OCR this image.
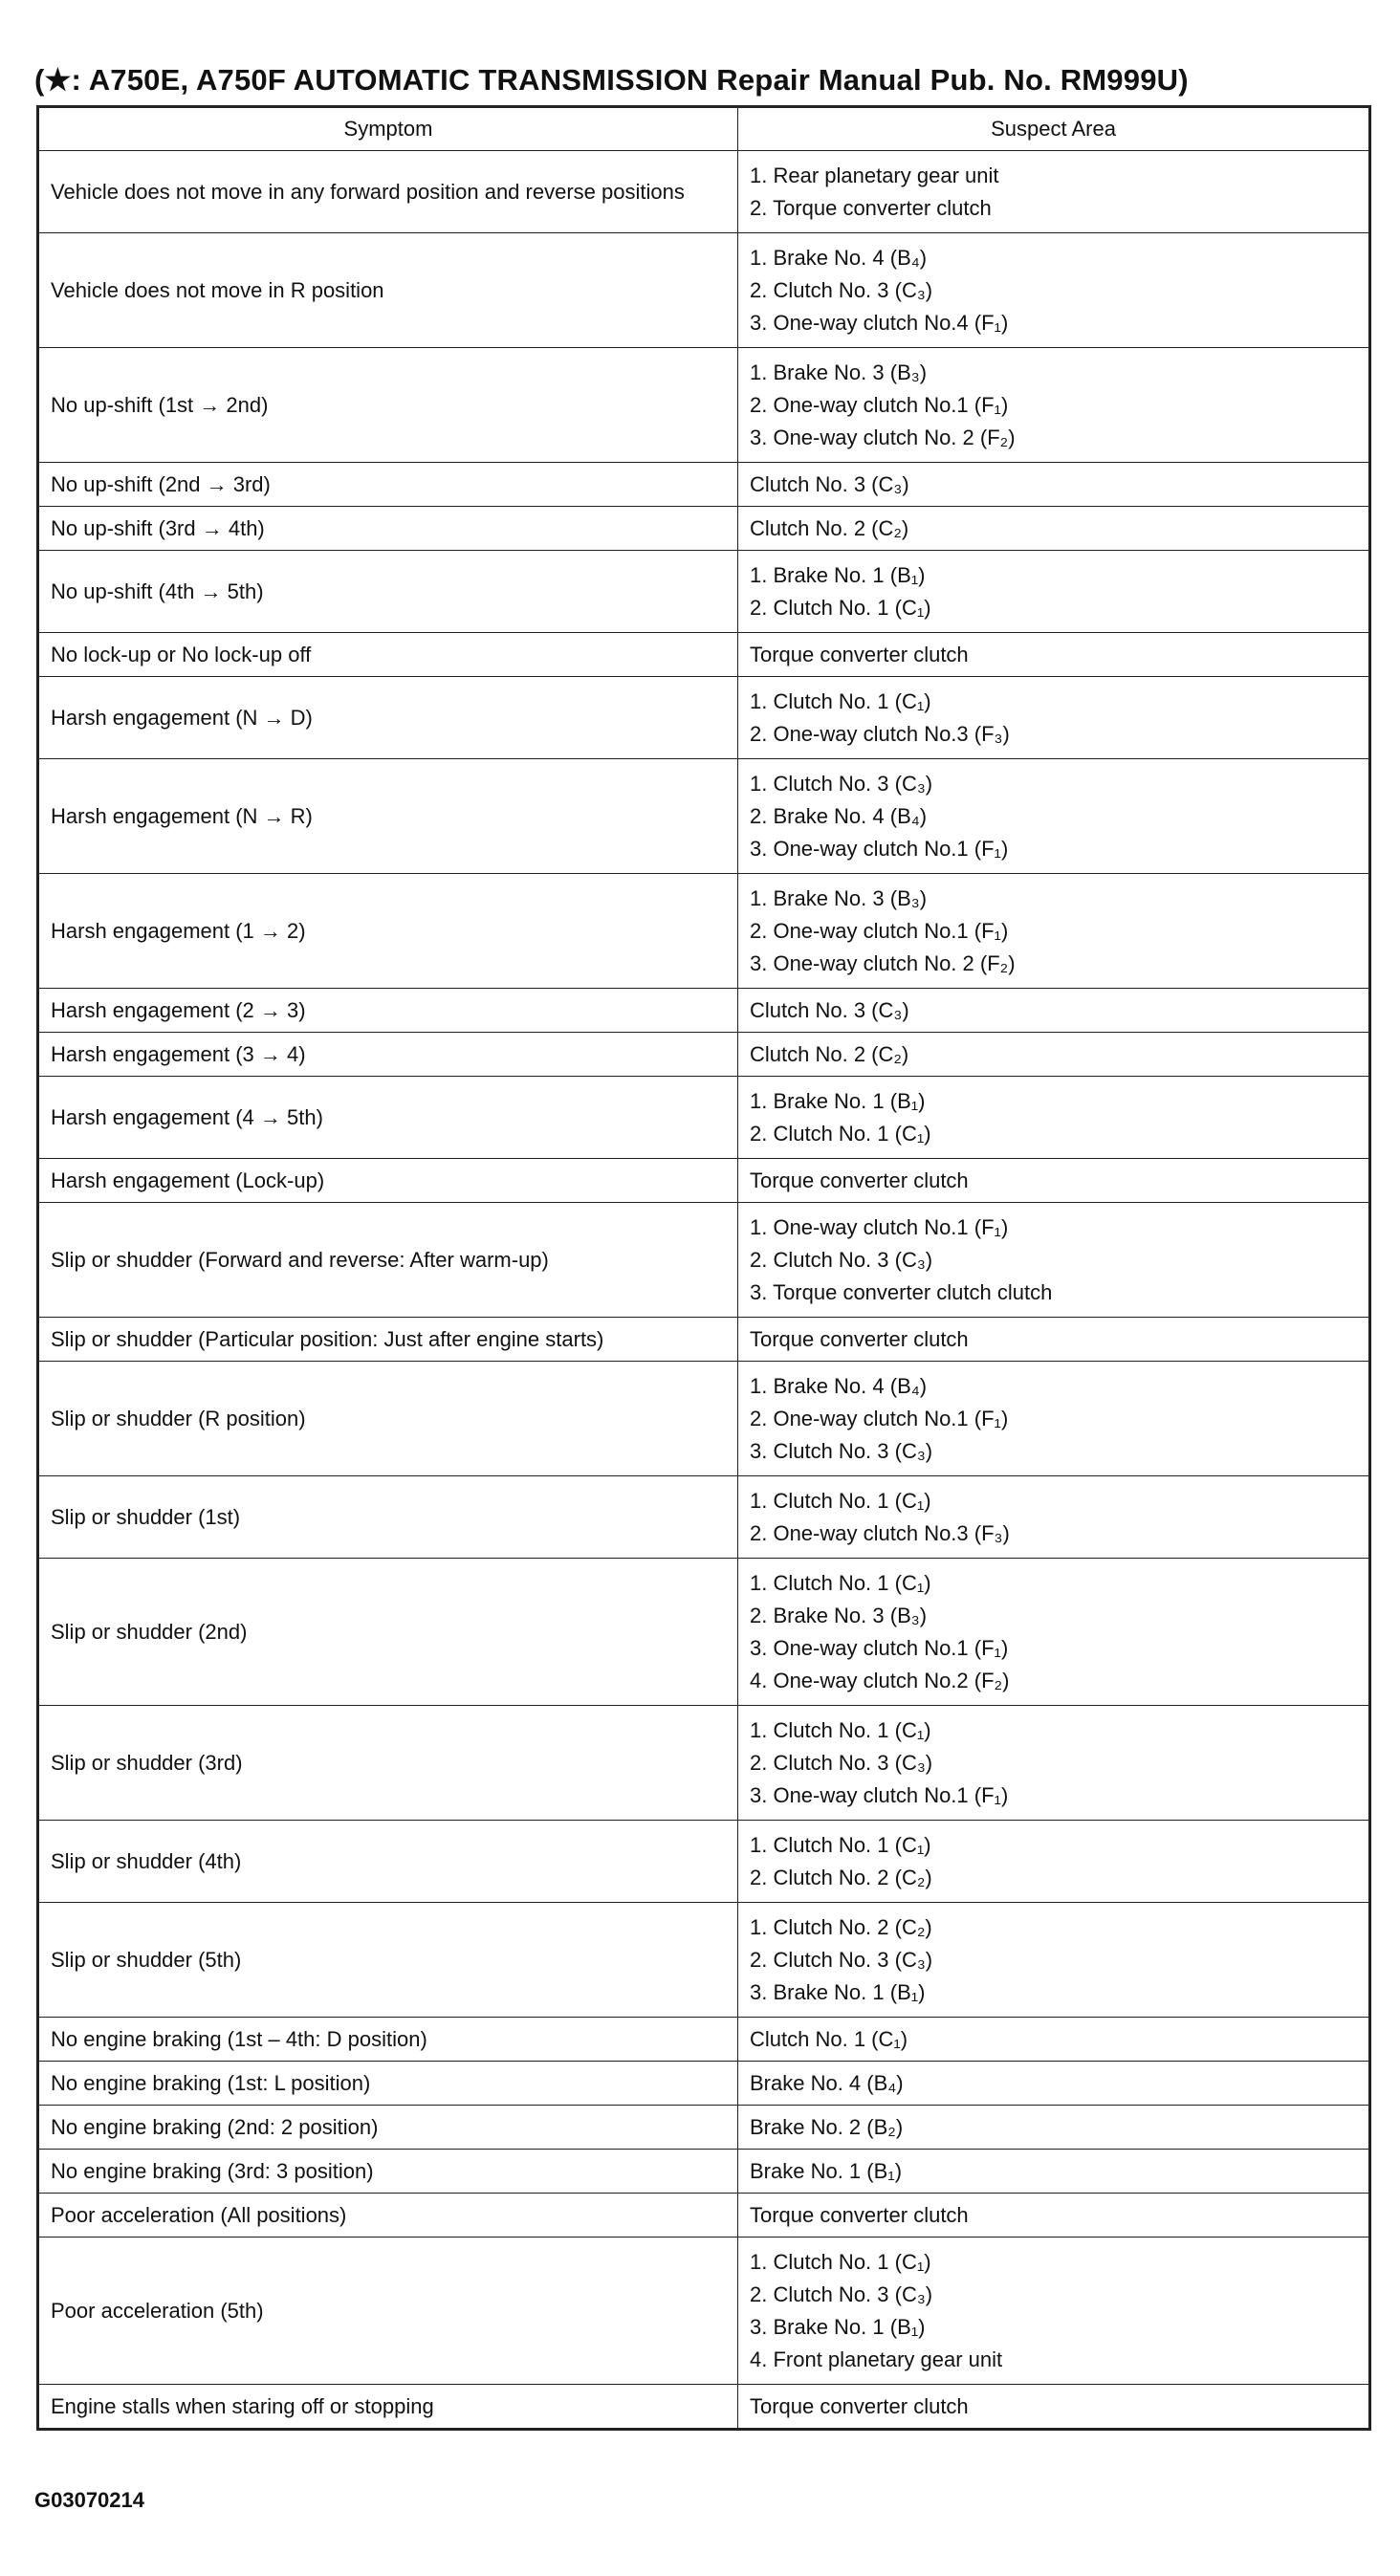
(★: A750E, A750F AUTOMATIC TRANSMISSION Repair Manual Pub. No. RM999U)
Symptom	Suspect Area
Vehicle does not move in any forward position and reverse positions	1. Rear planetary gear unit
2. Torque converter clutch

Vehicle does not move in R position	1. Brake No. 4 (B₄)
2. Clutch No. 3 (C₃)
3. One-way clutch No.4 (F₁)

No up-shift (1st → 2nd)	1. Brake No. 3 (B₃)
2. One-way clutch No.1 (F₁)
3. One-way clutch No. 2 (F₂)

No up-shift (2nd → 3rd)	Clutch No. 3 (C₃)

No up-shift (3rd → 4th)	Clutch No. 2 (C₂)

No up-shift (4th → 5th)	1. Brake No. 1 (B₁)
2. Clutch No. 1 (C₁)

No lock-up or No lock-up off	Torque converter clutch

Harsh engagement (N → D)	1. Clutch No. 1 (C₁)
2. One-way clutch No.3 (F₃)

Harsh engagement (N → R)	1. Clutch No. 3 (C₃)
2. Brake No. 4 (B₄)
3. One-way clutch No.1 (F₁)

Harsh engagement (1 → 2)	1. Brake No. 3 (B₃)
2. One-way clutch No.1 (F₁)
3. One-way clutch No. 2 (F₂)

Harsh engagement (2 → 3)	Clutch No. 3 (C₃)

Harsh engagement (3 → 4)	Clutch No. 2 (C₂)

Harsh engagement (4 → 5th)	1. Brake No. 1 (B₁)
2. Clutch No. 1 (C₁)

Harsh engagement (Lock-up)	Torque converter clutch

Slip or shudder (Forward and reverse: After warm-up)	1. One-way clutch No.1 (F₁)
2. Clutch No. 3 (C₃)
3. Torque converter clutch clutch

Slip or shudder (Particular position: Just after engine starts)	Torque converter clutch

Slip or shudder (R position)	1. Brake No. 4 (B₄)
2. One-way clutch No.1 (F₁)
3. Clutch No. 3 (C₃)

Slip or shudder (1st)	1. Clutch No. 1 (C₁)
2. One-way clutch No.3 (F₃)

Slip or shudder (2nd)	1. Clutch No. 1 (C₁)
2. Brake No. 3 (B₃)
3. One-way clutch No.1 (F₁)
4. One-way clutch No.2 (F₂)

Slip or shudder (3rd)	1. Clutch No. 1 (C₁)
2. Clutch No. 3 (C₃)
3. One-way clutch No.1 (F₁)

Slip or shudder (4th)	1. Clutch No. 1 (C₁)
2. Clutch No. 2 (C₂)

Slip or shudder (5th)	1. Clutch No. 2 (C₂)
2. Clutch No. 3 (C₃)
3. Brake No. 1 (B₁)

No engine braking (1st – 4th: D position)	Clutch No. 1 (C₁)

No engine braking (1st: L position)	Brake No. 4 (B₄)

No engine braking (2nd: 2 position)	Brake No. 2 (B₂)

No engine braking (3rd: 3 position)	Brake No. 1 (B₁)

Poor acceleration (All positions)	Torque converter clutch

Poor acceleration (5th)	1. Clutch No. 1 (C₁)
2. Clutch No. 3 (C₃)
3. Brake No. 1 (B₁)
4. Front planetary gear unit

Engine stalls when staring off or stopping	Torque converter clutch
G03070214
